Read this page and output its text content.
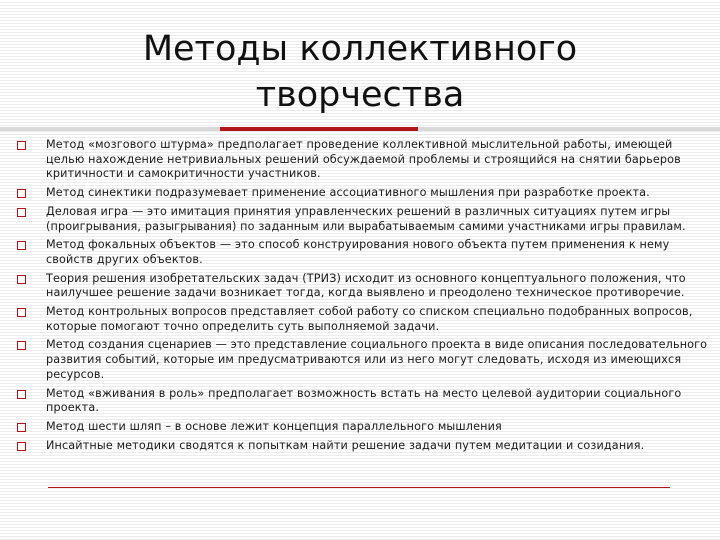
Методы коллективного творчества
Метод «мозгового штурма» предполагает проведение коллективной мыслительной работы, имеющей целью нахождение нетривиальных решений обсуждаемой проблемы и строящийся на снятии барьеров критичности и самокритичности участников.
Метод синектики подразумевает применение ассоциативного мышления при разработке проекта.
Деловая игра — это имитация принятия управленческих решений в различных ситуациях путем игры (проигрывания, разыгрывания) по заданным или вырабатываемым самими участниками игры правилам.
Метод фокальных объектов — это способ конструирования нового объекта путем применения к нему свойств других объектов.
Теория решения изобретательских задач (ТРИЗ) исходит из основного концептуального положения, что наилучшее решение задачи возникает тогда, когда выявлено и преодолено техническое противоречие.
Метод контрольных вопросов представляет собой работу со списком специально подобранных вопросов, которые помогают точно определить суть выполняемой задачи.
Метод создания сценариев — это представление социального проекта в виде описания последовательного развития событий, которые им предусматриваются или из него могут следовать, исходя из имеющихся ресурсов.
Метод «вживания в роль» предполагает возможность встать на место целевой аудитории социального проекта.
Метод шести шляп – в основе лежит концепция параллельного мышления
Инсайтные методики сводятся к попыткам найти решение задачи путем медитации и созидания.
